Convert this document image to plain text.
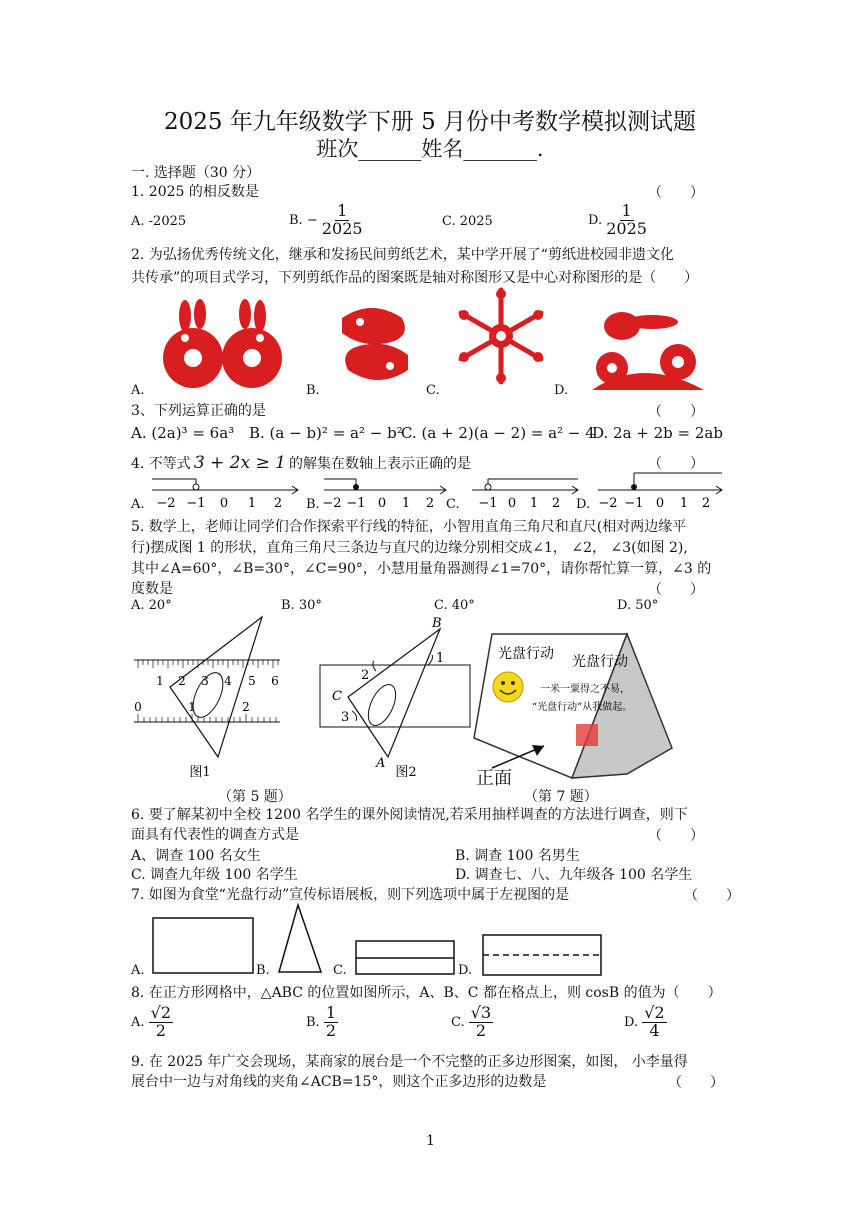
2025 年九年级数学下册 5 月份中考数学模拟测试题
班次______姓名_______.
一. 选择题（30 分）
1. 2025 的相反数是	（　　）
A. -2025	B. − $\frac{1}{2025}$	C. 2025	D. $\frac{1}{2025}$
2. 为弘扬优秀传统文化，继承和发扬民间剪纸艺术，某中学开展了“剪纸进校园非遗文化
共传承”的项目式学习，下列剪纸作品的图案既是轴对称图形又是中心对称图形的是（　　）
A.	B.	C.	D.
3、下列运算正确的是	（　　）
A. (2a)³ = 6a³ B. (a − b)² = a² − b²
C. (a + 2)(a − 2) = a² − 4
D. 2a + 2b = 2ab
4. 不等式 3 + 2x ≥ 1 的解集在数轴上表示正确的是	（　　）
−2 −1 0 1 2
A.	−2 −1 0 1 2
B.	−1 0 1 2
C.	−2 −1 0 1 2
D.
5. 数学上，老师让同学们合作探索平行线的特征，小智用直角三角尺和直尺(相对两边缘平
行)摆成图 1 的形状，直角三角尺三条边与直尺的边缘分别相交成∠1， ∠2， ∠3(如图 2),
其中∠A=60°，∠B=30°，∠C=90°，小慧用量角器测得∠1=70°，请你帮忙算一算，∠3 的
度数是	（　　）
A. 20°	B. 30°	C. 40°	D. 50°
1 2 3 4 5 6
0	1	2
图1
1
2
3
A
B
C
图2
（第 5 题）
光盘行动 光盘行动
一米一粟得之不易，
“光盘行动”从我做起。
正面
（第 7 题）
6. 要了解某初中全校 1200 名学生的课外阅读情况,若采用抽样调查的方法进行调查，则下
面具有代表性的调查方式是	（　　）
A、调查 100 名女生	B. 调查 100 名男生
C. 调查九年级 100 名学生	D. 调查七、八、九年级各 100 名学生
7. 如图为食堂“光盘行动”宣传标语展板，则下列选项中属于左视图的是	（　　）
A.	B.	C.	D.
8. 在正方形网格中，△ABC 的位置如图所示，A、B、C 都在格点上，则 cosB 的值为（　　）
A. $\frac{√2}{2}$	B. $\frac{1}{2}$	C. $\frac{√3}{2}$	D. $\frac{√2}{4}$
9. 在 2025 年广交会现场，某商家的展台是一个不完整的正多边形图案，如图， 小李量得
展台中一边与对角线的夹角∠ACB=15°，则这个正多边形的边数是	（　　）
1
